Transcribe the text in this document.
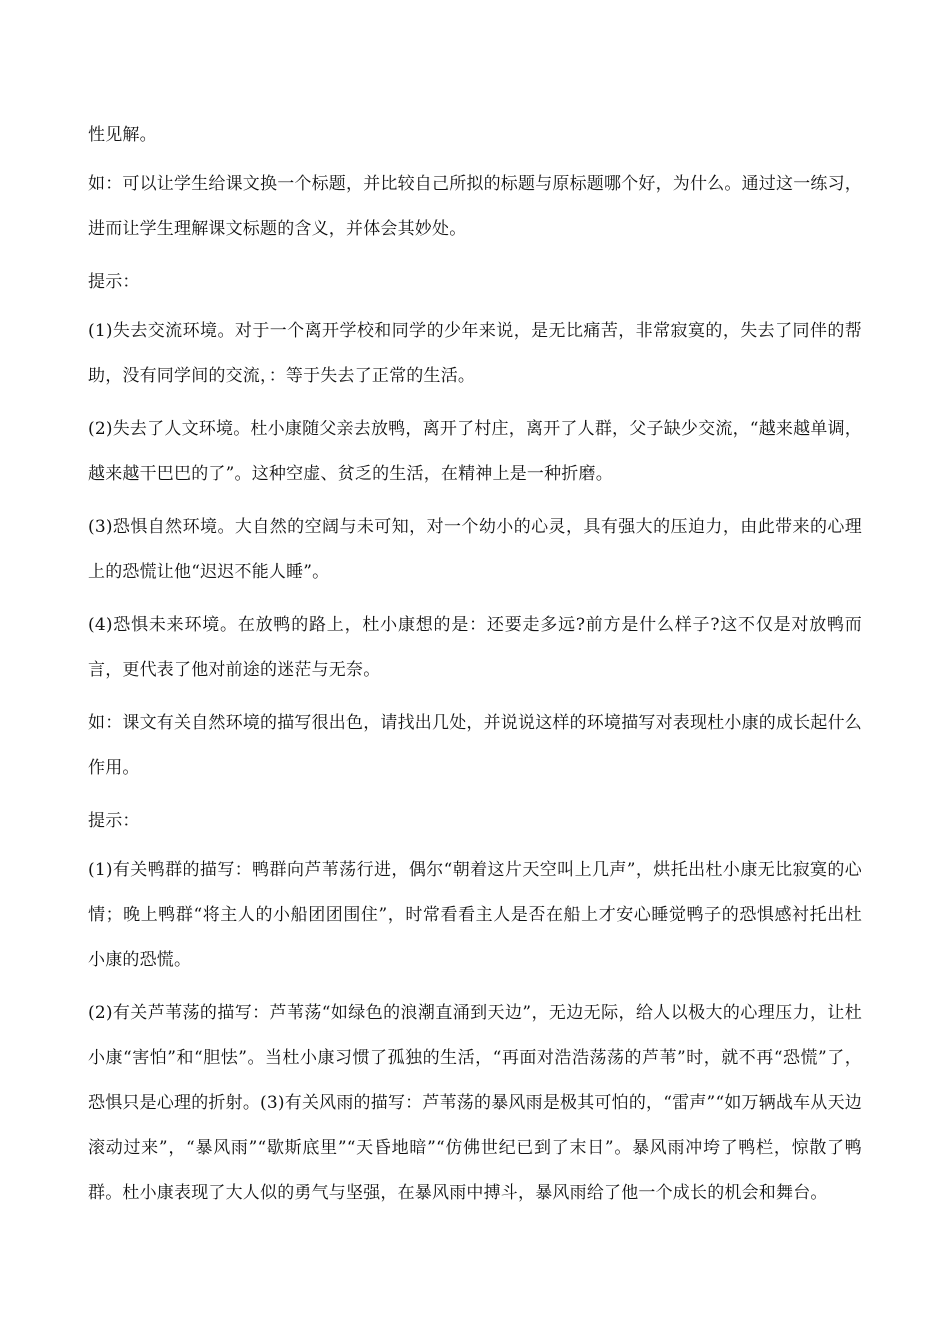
性见解。

如：可以让学生给课文换一个标题，并比较自己所拟的标题与原标题哪个好，为什么。通过这一练习，进而让学生理解课文标题的含义，并体会其妙处。

提示：

(1)失去交流环境。对于一个离开学校和同学的少年来说，是无比痛苦，非常寂寞的，失去了同伴的帮助，没有同学间的交流，：等于失去了正常的生活。

(2)失去了人文环境。杜小康随父亲去放鸭，离开了村庄，离开了人群，父子缺少交流，“越来越单调，越来越干巴巴的了”。这种空虚、贫乏的生活，在精神上是一种折磨。

(3)恐惧自然环境。大自然的空阔与未可知，对一个幼小的心灵，具有强大的压迫力，由此带来的心理上的恐慌让他“迟迟不能人睡”。

(4)恐惧未来环境。在放鸭的路上，杜小康想的是：还要走多远?前方是什么样子?这不仅是对放鸭而言，更代表了他对前途的迷茫与无奈。

如：课文有关自然环境的描写很出色，请找出几处，并说说这样的环境描写对表现杜小康的成长起什么作用。

提示：

(1)有关鸭群的描写：鸭群向芦苇荡行进，偶尔“朝着这片天空叫上几声”，烘托出杜小康无比寂寞的心情；晚上鸭群“将主人的小船团团围住”，时常看看主人是否在船上才安心睡觉鸭子的恐惧感衬托出杜小康的恐慌。

(2)有关芦苇荡的描写：芦苇荡“如绿色的浪潮直涌到天边”，无边无际，给人以极大的心理压力，让杜小康“害怕”和“胆怯”。当杜小康习惯了孤独的生活，“再面对浩浩荡荡的芦苇”时，就不再“恐慌”了，恐惧只是心理的折射。(3)有关风雨的描写：芦苇荡的暴风雨是极其可怕的，“雷声”“如万辆战车从天边滚动过来”，“暴风雨”“歇斯底里”“天昏地暗”“仿佛世纪已到了末日”。暴风雨冲垮了鸭栏，惊散了鸭群。杜小康表现了大人似的勇气与坚强，在暴风雨中搏斗，暴风雨给了他一个成长的机会和舞台。
